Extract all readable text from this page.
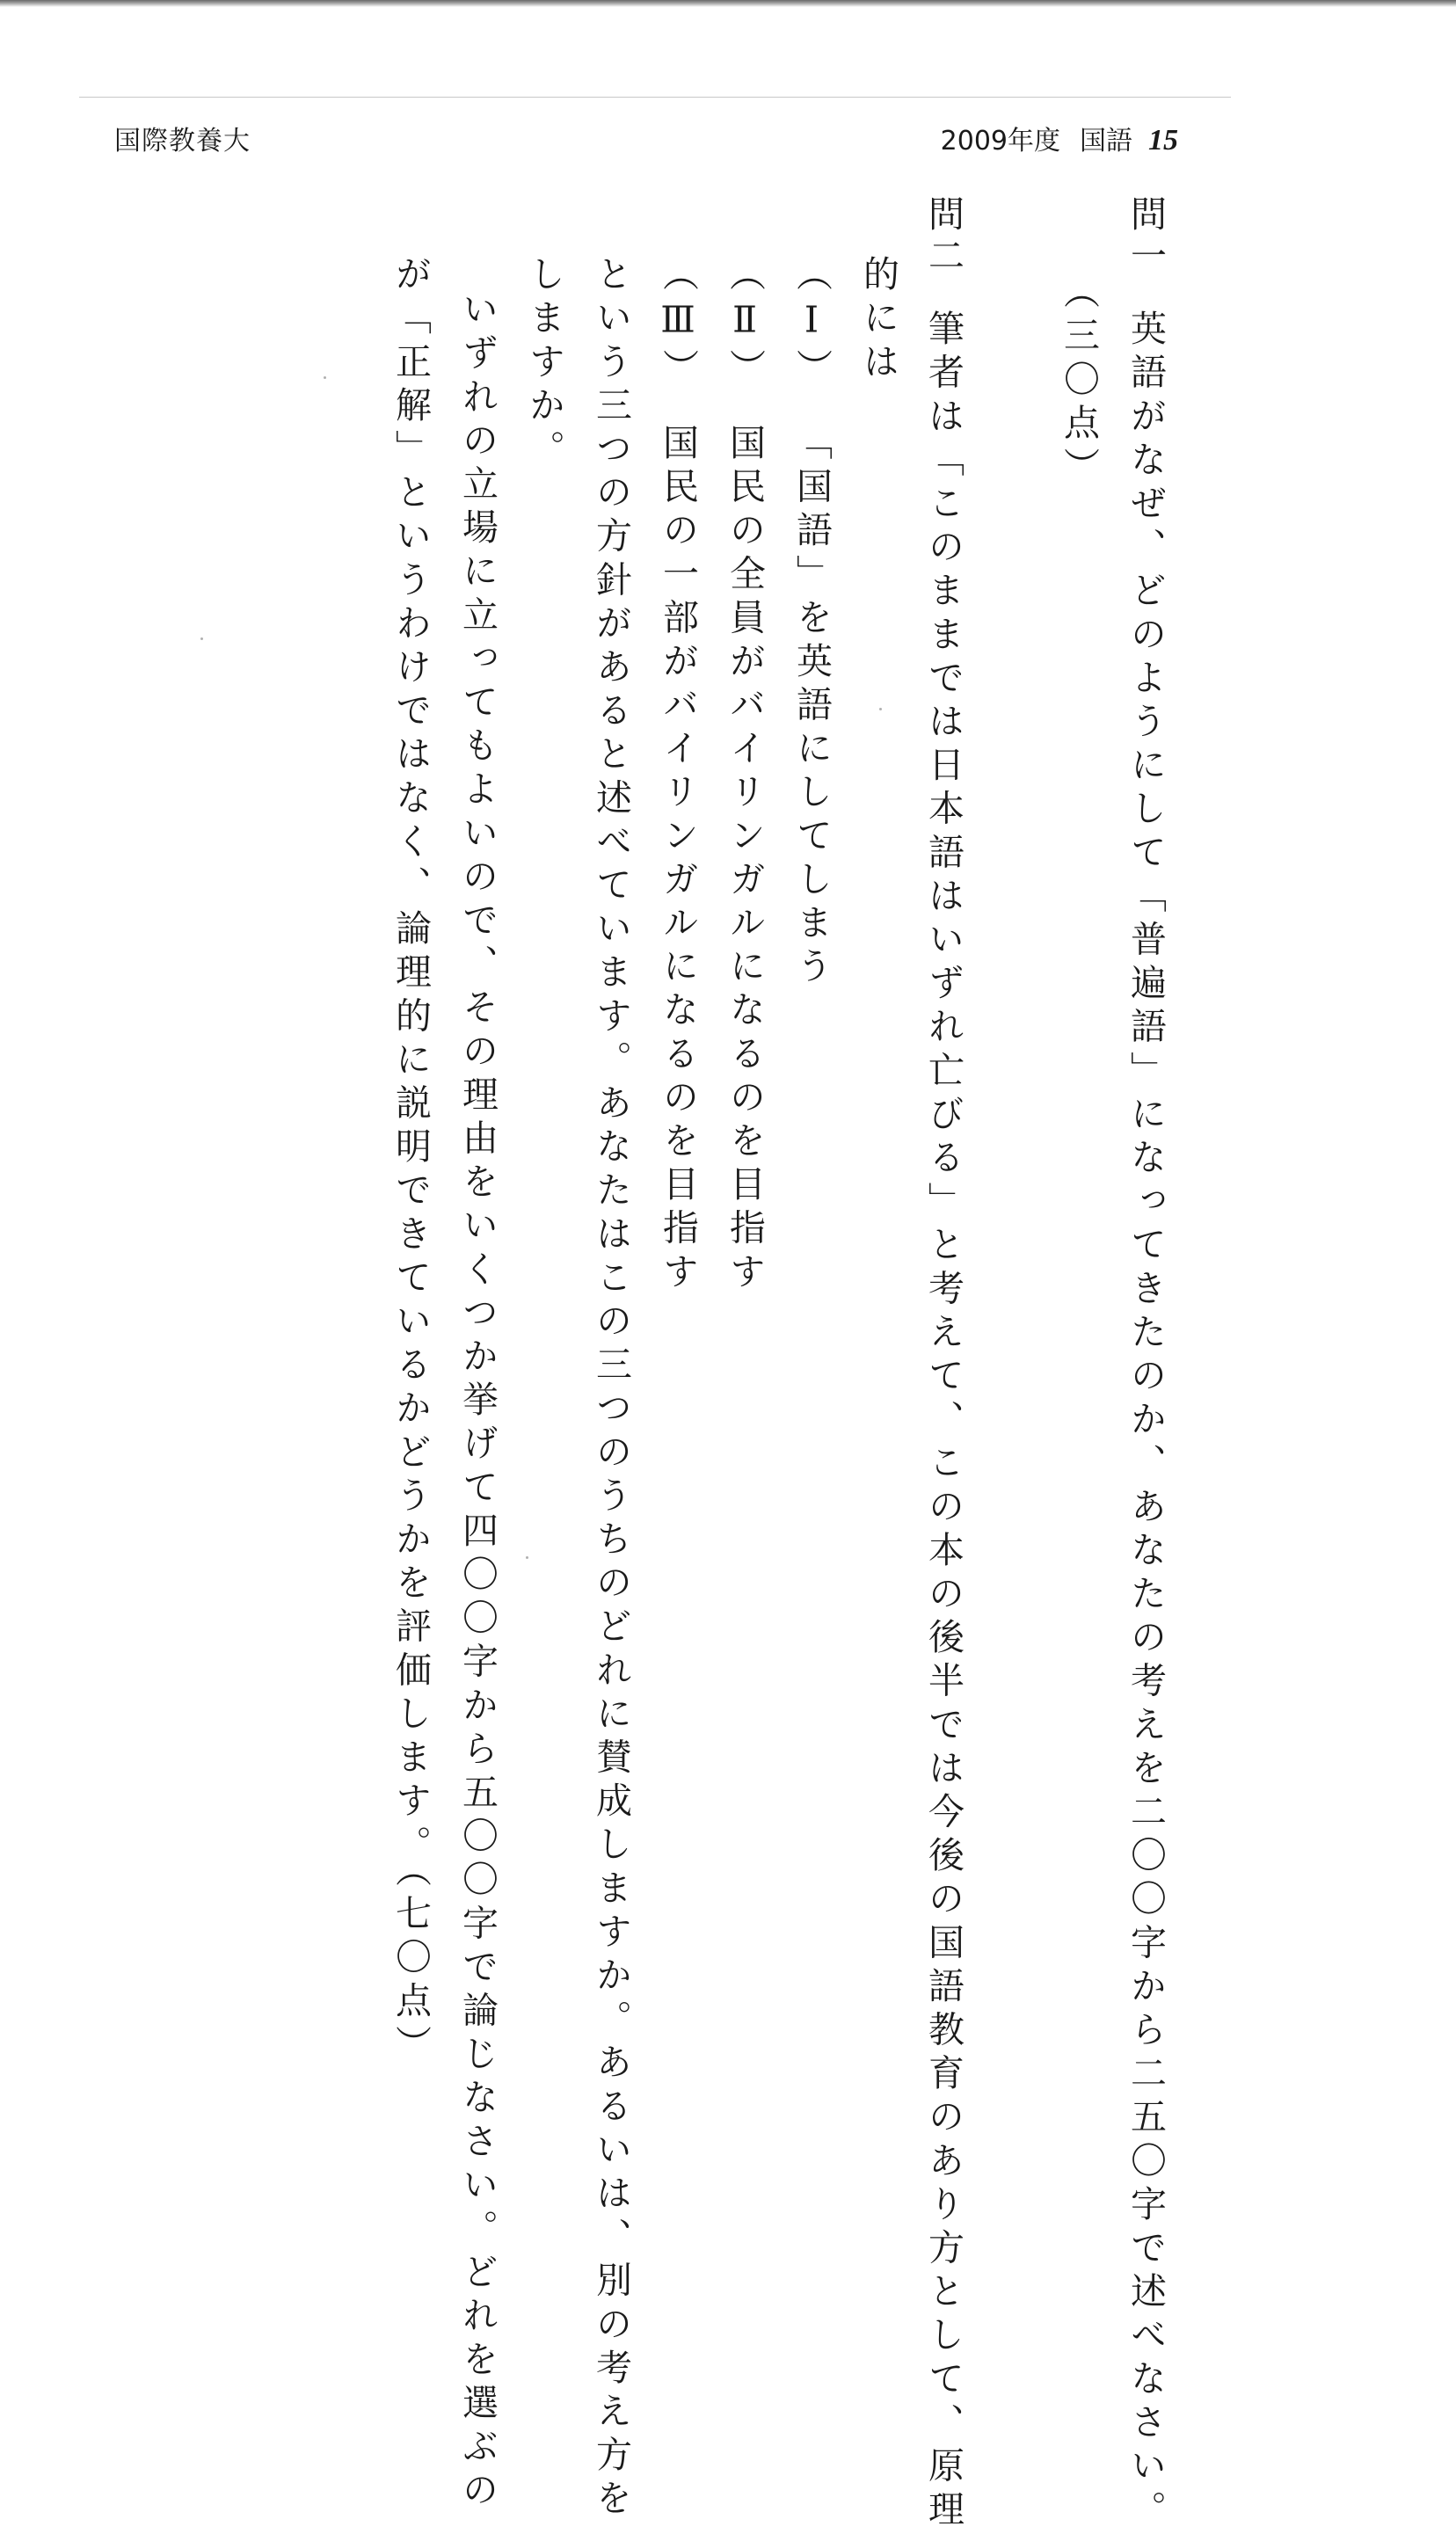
国際教養大	2009年度 国語 15
問一英語がなぜ、どのようにして「普遍語」になってきたのか、あなたの考えを二〇〇字から二五〇字で述べなさい。
（三〇点）
問二筆者は「このままでは日本語はいずれ亡びる」と考えて、この本の後半では今後の国語教育のあり方として、原理
的には
（Ⅰ）「国語」を英語にしてしまう
（Ⅱ）国民の全員がバイリンガルになるのを目指す
（Ⅲ）国民の一部がバイリンガルになるのを目指す
という三つの方針があると述べています。あなたはこの三つのうちのどれに賛成しますか。あるいは、別の考え方を
しますか。
いずれの立場に立ってもよいので、その理由をいくつか挙げて四〇〇字から五〇〇字で論じなさい。どれを選ぶの
が「正解」というわけではなく、論理的に説明できているかどうかを評価します。（七〇点）
